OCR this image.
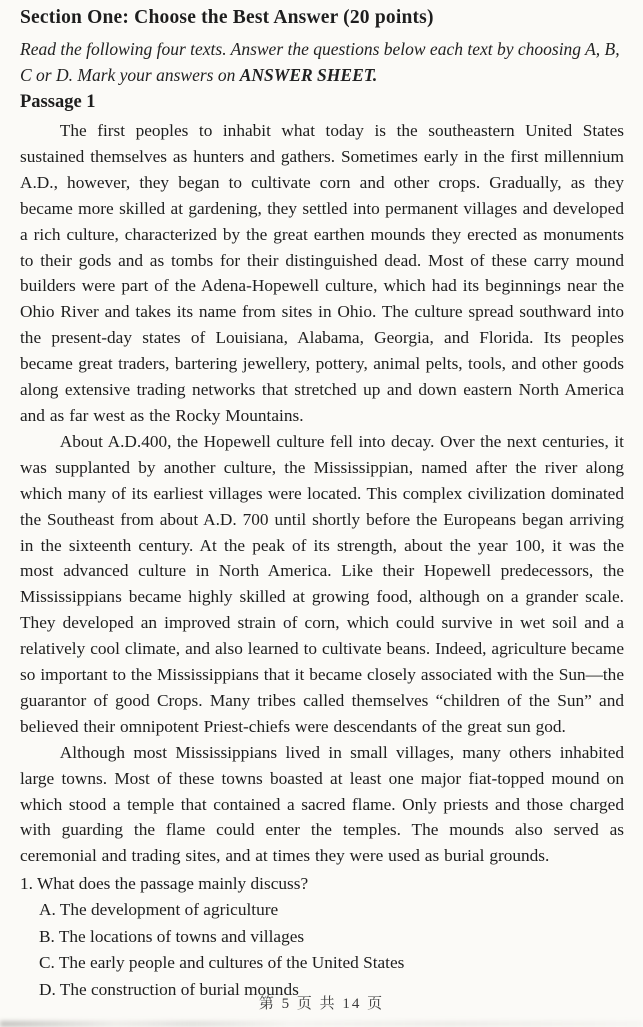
Section One: Choose the Best Answer (20 points)

Read the following four texts. Answer the questions below each text by choosing A, B, C or D. Mark your answers on ANSWER SHEET.

Passage 1

The first peoples to inhabit what today is the southeastern United States sustained themselves as hunters and gathers. Sometimes early in the first millennium A.D., however, they began to cultivate corn and other crops. Gradually, as they became more skilled at gardening, they settled into permanent villages and developed a rich culture, characterized by the great earthen mounds they erected as monuments to their gods and as tombs for their distinguished dead. Most of these carry mound builders were part of the Adena-Hopewell culture, which had its beginnings near the Ohio River and takes its name from sites in Ohio. The culture spread southward into the present-day states of Louisiana, Alabama, Georgia, and Florida. Its peoples became great traders, bartering jewellery, pottery, animal pelts, tools, and other goods along extensive trading networks that stretched up and down eastern North America and as far west as the Rocky Mountains.

About A.D.400, the Hopewell culture fell into decay. Over the next centuries, it was supplanted by another culture, the Mississippian, named after the river along which many of its earliest villages were located. This complex civilization dominated the Southeast from about A.D. 700 until shortly before the Europeans began arriving in the sixteenth century. At the peak of its strength, about the year 100, it was the most advanced culture in North America. Like their Hopewell predecessors, the Mississippians became highly skilled at growing food, although on a grander scale. They developed an improved strain of corn, which could survive in wet soil and a relatively cool climate, and also learned to cultivate beans. Indeed, agriculture became so important to the Mississippians that it became closely associated with the Sun—the guarantor of good Crops. Many tribes called themselves “children of the Sun” and believed their omnipotent Priest-chiefs were descendants of the great sun god.

Although most Mississippians lived in small villages, many others inhabited large towns. Most of these towns boasted at least one major fiat-topped mound on which stood a temple that contained a sacred flame. Only priests and those charged with guarding the flame could enter the temples. The mounds also served as ceremonial and trading sites, and at times they were used as burial grounds.

1. What does the passage mainly discuss?

A. The development of agriculture

B. The locations of towns and villages

C. The early people and cultures of the United States

D. The construction of burial mounds

第 5 页 共 14 页
